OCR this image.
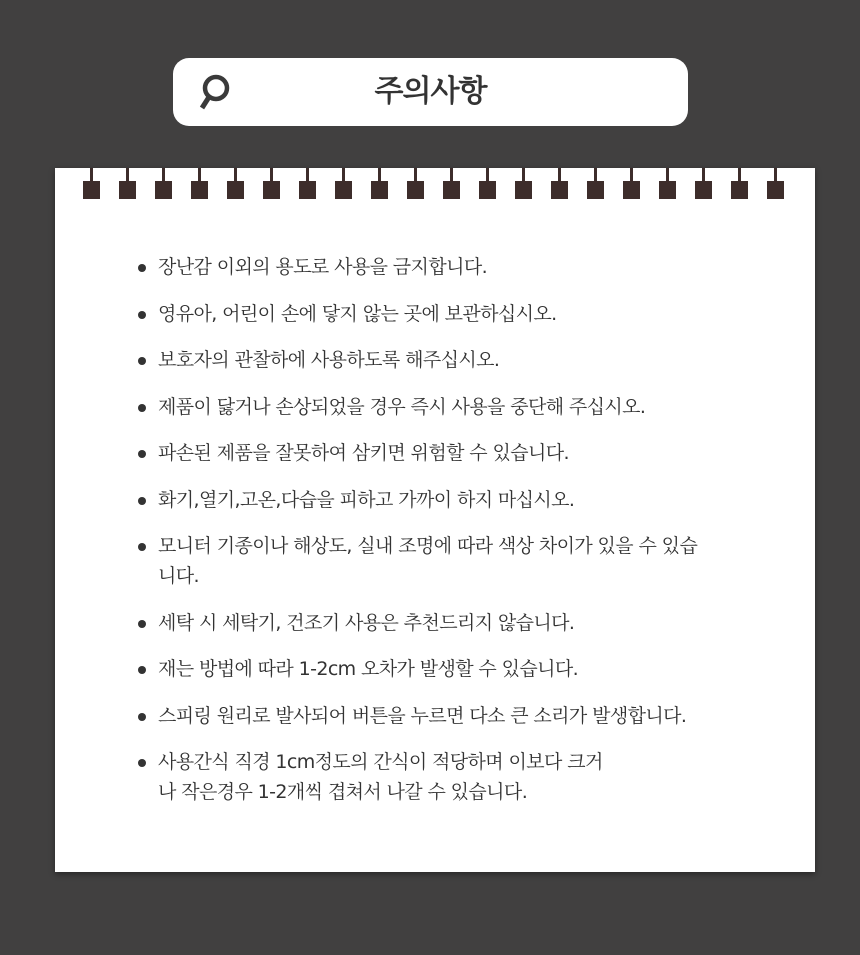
주의사항
장난감 이외의 용도로 사용을 금지합니다.
영유아, 어린이 손에 닿지 않는 곳에 보관하십시오.
보호자의 관찰하에 사용하도록 해주십시오.
제품이 닳거나 손상되었을 경우 즉시 사용을 중단해 주십시오.
파손된 제품을 잘못하여 삼키면 위험할 수 있습니다.
화기,열기,고온,다습을 피하고 가까이 하지 마십시오.
모니터 기종이나 해상도, 실내 조명에 따라 색상 차이가 있을 수 있습니다.
세탁 시 세탁기, 건조기 사용은 추천드리지 않습니다.
재는 방법에 따라 1-2cm 오차가 발생할 수 있습니다.
스피링 원리로 발사되어 버튼을 누르면 다소 큰 소리가 발생합니다.
사용간식 직경 1cm정도의 간식이 적당하며 이보다 크거나 작은경우 1-2개씩 겹쳐서 나갈 수 있습니다.
